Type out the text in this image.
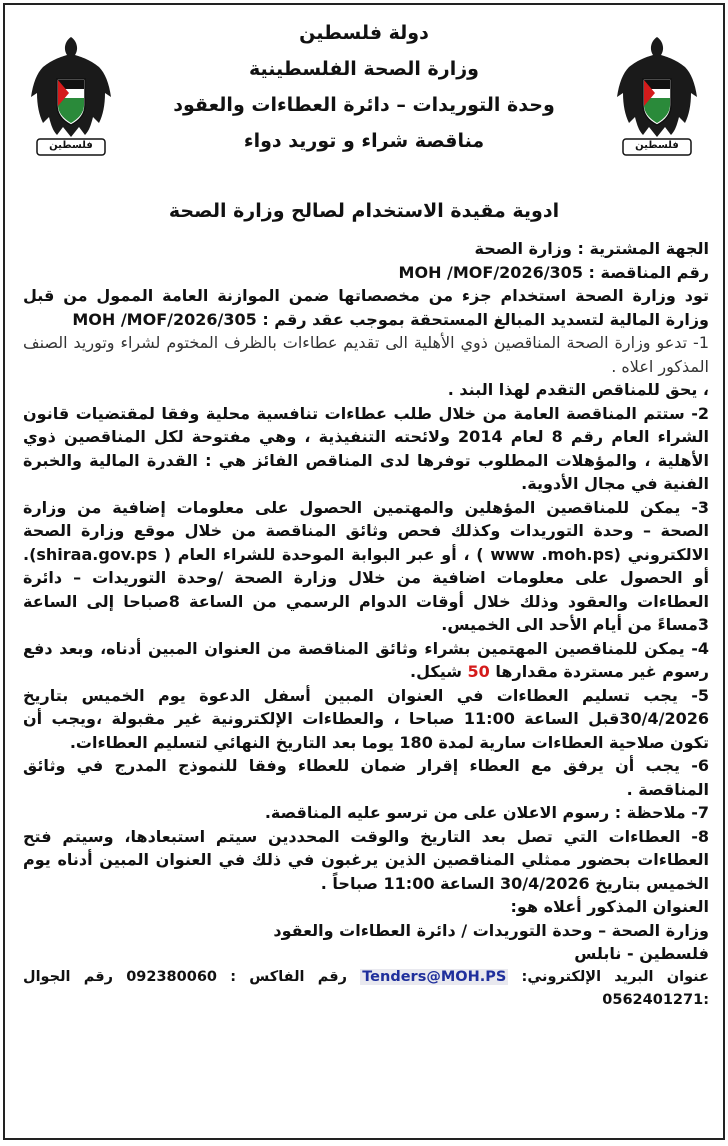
فلسطين	فلسطين
دولة فلسطين
وزارة الصحة الفلسطينية
وحدة التوريدات – دائرة العطاءات والعقود
مناقصة شراء و توريد دواء
ادوية مقيدة الاستخدام لصالح وزارة الصحة

الجهة المشترية : وزارة الصحة

رقم المناقصة : MOH /MOF/2026/305

تود وزارة الصحة استخدام جزء من مخصصاتها ضمن الموازنة العامة الممول من قبل وزارة المالية لتسديد المبالغ المستحقة بموجب عقد رقم : MOH /MOF/2026/305

1- تدعو وزارة الصحة المناقصين ذوي الأهلية الى تقديم عطاءات بالظرف المختوم لشراء وتوريد الصنف المذكور اعلاه .

، يحق للمناقص التقدم لهذا البند .

2- ستتم المناقصة العامة من خلال طلب عطاءات تنافسية محلية وفقا لمقتضيات قانون الشراء العام رقم 8 لعام 2014 ولائحته التنفيذية ، وهي مفتوحة لكل المناقصين ذوي الأهلية ، والمؤهلات المطلوب توفرها لدى المناقص الفائز هي : القدرة المالية والخبرة الفنية في مجال الأدوية.

3- يمكن للمناقصين المؤهلين والمهتمين الحصول على معلومات إضافية من وزارة الصحة – وحدة التوريدات وكذلك فحص وثائق المناقصة من خلال موقع وزارة الصحة الالكتروني (www .moh.ps ) ، أو عبر البوابة الموحدة للشراء العام ( shiraa.gov.ps). أو الحصول على معلومات اضافية من خلال وزارة الصحة /وحدة التوريدات – دائرة العطاءات والعقود وذلك خلال أوقات الدوام الرسمي من الساعة 8صباحا إلى الساعة 3مساءً من أيام الأحد الى الخميس.

4- يمكن للمناقصين المهتمين بشراء وثائق المناقصة من العنوان المبين أدناه، وبعد دفع رسوم غير مستردة مقدارها 50 شيكل.

5- يجب تسليم العطاءات في العنوان المبين أسفل الدعوة يوم الخميس بتاريخ 30/4/2026قبل الساعة 11:00 صباحا ، والعطاءات الإلكترونية غير مقبولة ،ويجب أن تكون صلاحية العطاءات سارية لمدة 180 يوما بعد التاريخ النهائي لتسليم العطاءات.

6- يجب أن يرفق مع العطاء إقرار ضمان للعطاء وفقا للنموذج المدرج في وثائق المناقصة .

7- ملاحظة : رسوم الاعلان على من ترسو عليه المناقصة.

8- العطاءات التي تصل بعد التاريخ والوقت المحددين سيتم استبعادها، وسيتم فتح العطاءات بحضور ممثلي المناقصين الذين يرغبون في ذلك في العنوان المبين أدناه يوم الخميس بتاريخ 30/4/2026 الساعة 11:00 صباحاً .

العنوان المذكور أعلاه هو:

وزارة الصحة – وحدة التوريدات / دائرة العطاءات والعقود

فلسطين - نابلس

عنوان البريد الإلكتروني: Tenders@MOH.PS رقم الفاكس : 092380060 رقم الجوال :0562401271
